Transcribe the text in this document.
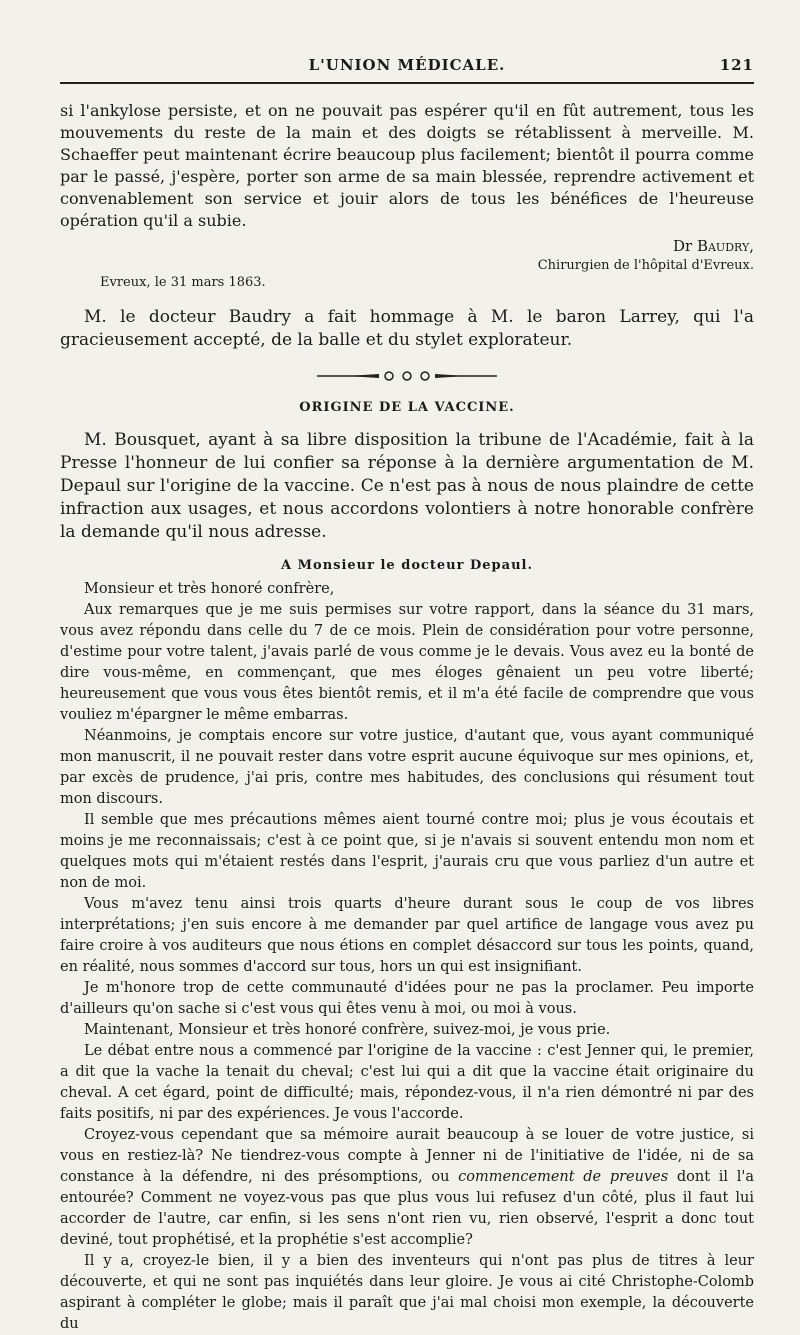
L'UNION MÉDICALE.	121

si l'ankylose persiste, et on ne pouvait pas espérer qu'il en fût autrement, tous les mouvements du reste de la main et des doigts se rétablissent à merveille. M. Schaeffer peut maintenant écrire beaucoup plus facilement; bientôt il pourra comme par le passé, j'espère, porter son arme de sa main blessée, reprendre activement et convenablement son service et jouir alors de tous les bénéfices de l'heureuse opération qu'il a subie.

Dr Baudry,
Chirurgien de l'hôpital d'Evreux.
Evreux, le 31 mars 1863.

M. le docteur Baudry a fait hommage à M. le baron Larrey, qui l'a gracieusement accepté, de la balle et du stylet explorateur.

ORIGINE DE LA VACCINE.

M. Bousquet, ayant à sa libre disposition la tribune de l'Académie, fait à la Presse l'honneur de lui confier sa réponse à la dernière argumentation de M. Depaul sur l'origine de la vaccine. Ce n'est pas à nous de nous plaindre de cette infraction aux usages, et nous accordons volontiers à notre honorable confrère la demande qu'il nous adresse.

A Monsieur le docteur Depaul.

Monsieur et très honoré confrère,

Aux remarques que je me suis permises sur votre rapport, dans la séance du 31 mars, vous avez répondu dans celle du 7 de ce mois. Plein de considération pour votre personne, d'estime pour votre talent, j'avais parlé de vous comme je le devais. Vous avez eu la bonté de dire vous-même, en commençant, que mes éloges gênaient un peu votre liberté; heureusement que vous vous êtes bientôt remis, et il m'a été facile de comprendre que vous vouliez m'épargner le même embarras.

Néanmoins, je comptais encore sur votre justice, d'autant que, vous ayant communiqué mon manuscrit, il ne pouvait rester dans votre esprit aucune équivoque sur mes opinions, et, par excès de prudence, j'ai pris, contre mes habitudes, des conclusions qui résument tout mon discours.

Il semble que mes précautions mêmes aient tourné contre moi; plus je vous écoutais et moins je me reconnaissais; c'est à ce point que, si je n'avais si souvent entendu mon nom et quelques mots qui m'étaient restés dans l'esprit, j'aurais cru que vous parliez d'un autre et non de moi.

Vous m'avez tenu ainsi trois quarts d'heure durant sous le coup de vos libres interprétations; j'en suis encore à me demander par quel artifice de langage vous avez pu faire croire à vos auditeurs que nous étions en complet désaccord sur tous les points, quand, en réalité, nous sommes d'accord sur tous, hors un qui est insignifiant.

Je m'honore trop de cette communauté d'idées pour ne pas la proclamer. Peu importe d'ailleurs qu'on sache si c'est vous qui êtes venu à moi, ou moi à vous.

Maintenant, Monsieur et très honoré confrère, suivez-moi, je vous prie.

Le débat entre nous a commencé par l'origine de la vaccine : c'est Jenner qui, le premier, a dit que la vache la tenait du cheval; c'est lui qui a dit que la vaccine était originaire du cheval. A cet égard, point de difficulté; mais, répondez-vous, il n'a rien démontré ni par des faits positifs, ni par des expériences. Je vous l'accorde.

Croyez-vous cependant que sa mémoire aurait beaucoup à se louer de votre justice, si vous en restiez-là? Ne tiendrez-vous compte à Jenner ni de l'initiative de l'idée, ni de sa constance à la défendre, ni des présomptions, ou commencement de preuves dont il l'a entourée? Comment ne voyez-vous pas que plus vous lui refusez d'un côté, plus il faut lui accorder de l'autre, car enfin, si les sens n'ont rien vu, rien observé, l'esprit a donc tout deviné, tout prophétisé, et la prophétie s'est accomplie?

Il y a, croyez-le bien, il y a bien des inventeurs qui n'ont pas plus de titres à leur découverte, et qui ne sont pas inquiétés dans leur gloire. Je vous ai cité Christophe-Colomb aspirant à compléter le globe; mais il paraît que j'ai mal choisi mon exemple, la découverte du
